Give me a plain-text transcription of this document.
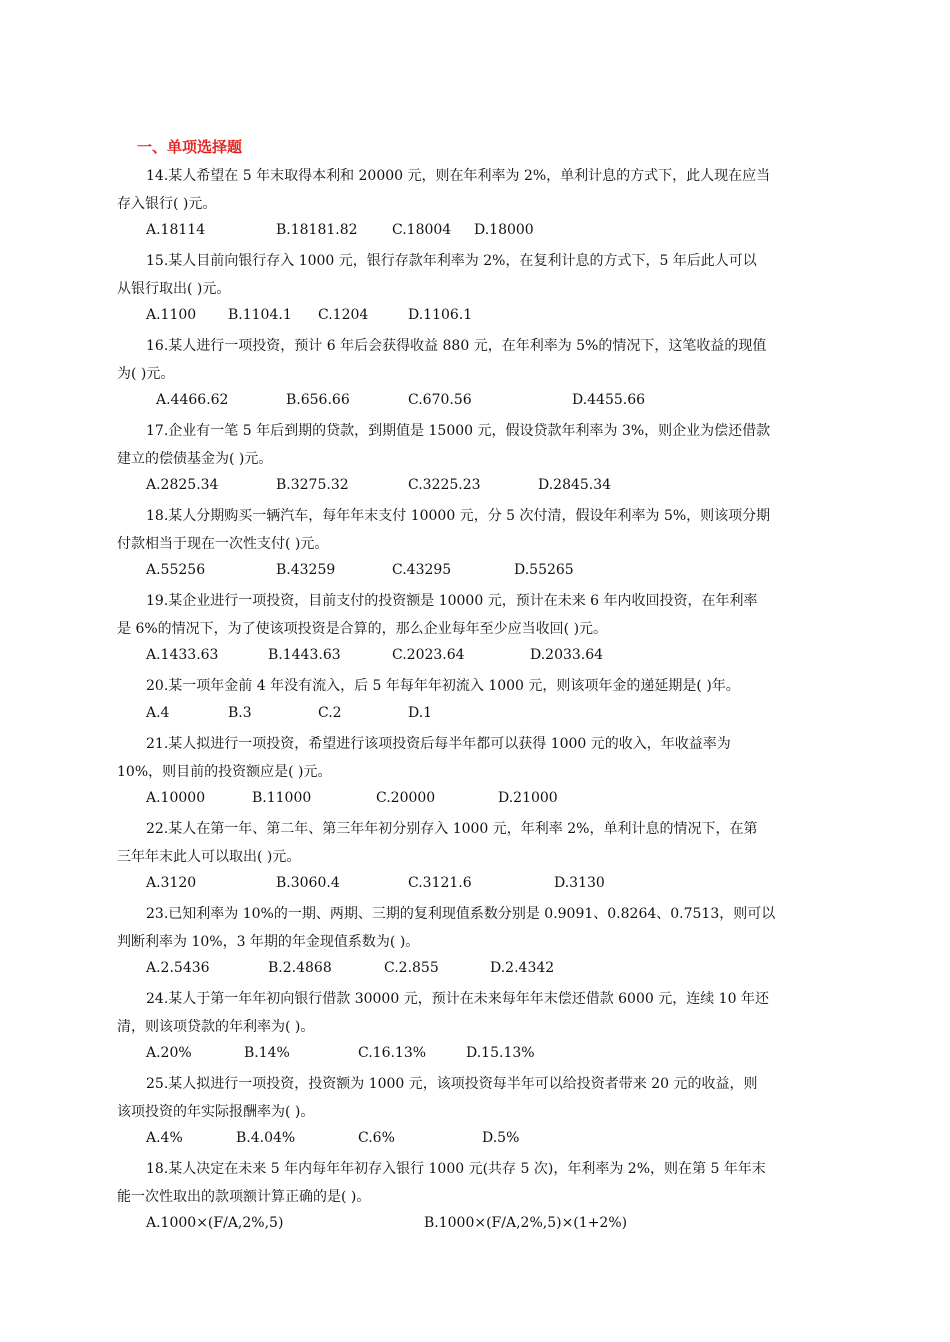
一、单项选择题
14.某人希望在 5 年末取得本利和 20000 元，则在年利率为 2%，单利计息的方式下，此人现在应当
存入银行( )元。
A.18114	B.18181.82 C.18004 D.18000
15.某人目前向银行存入 1000 元，银行存款年利率为 2%，在复利计息的方式下，5 年后此人可以
从银行取出( )元。
A.1100 B.1104.1 C.1204	D.1106.1
16.某人进行一项投资，预计 6 年后会获得收益 880 元，在年利率为 5%的情况下，这笔收益的现值
为( )元。
A.4466.62	B.656.66	C.670.56	D.4455.66
17.企业有一笔 5 年后到期的贷款，到期值是 15000 元，假设贷款年利率为 3%，则企业为偿还借款
建立的偿债基金为( )元。
A.2825.34	B.3275.32	C.3225.23	D.2845.34
18.某人分期购买一辆汽车，每年年末支付 10000 元，分 5 次付清，假设年利率为 5%，则该项分期
付款相当于现在一次性支付( )元。
A.55256	B.43259	C.43295	D.55265
19.某企业进行一项投资，目前支付的投资额是 10000 元，预计在未来 6 年内收回投资，在年利率
是 6%的情况下，为了使该项投资是合算的，那么企业每年至少应当收回( )元。
A.1433.63	B.1443.63	C.2023.64	D.2033.64
20.某一项年金前 4 年没有流入，后 5 年每年年初流入 1000 元，则该项年金的递延期是( )年。
A.4	B.3	C.2	D.1
21.某人拟进行一项投资，希望进行该项投资后每半年都可以获得 1000 元的收入，年收益率为
10%，则目前的投资额应是( )元。
A.10000	B.11000	C.20000	D.21000
22.某人在第一年、第二年、第三年年初分别存入 1000 元，年利率 2%，单利计息的情况下，在第
三年年末此人可以取出( )元。
A.3120	B.3060.4	C.3121.6	D.3130
23.已知利率为 10%的一期、两期、三期的复利现值系数分别是 0.9091、0.8264、0.7513，则可以
判断利率为 10%，3 年期的年金现值系数为( )。
A.2.5436	B.2.4868	C.2.855	D.2.4342
24.某人于第一年年初向银行借款 30000 元，预计在未来每年年末偿还借款 6000 元，连续 10 年还
清，则该项贷款的年利率为( )。
A.20%	B.14%	C.16.13%	D.15.13%
25.某人拟进行一项投资，投资额为 1000 元，该项投资每半年可以给投资者带来 20 元的收益，则
该项投资的年实际报酬率为( )。
A.4%	B.4.04%	C.6%	D.5%
18.某人决定在未来 5 年内每年年初存入银行 1000 元(共存 5 次)，年利率为 2%，则在第 5 年年末
能一次性取出的款项额计算正确的是( )。
A.1000×(F/A,2%,5)	B.1000×(F/A,2%,5)×(1+2%)
